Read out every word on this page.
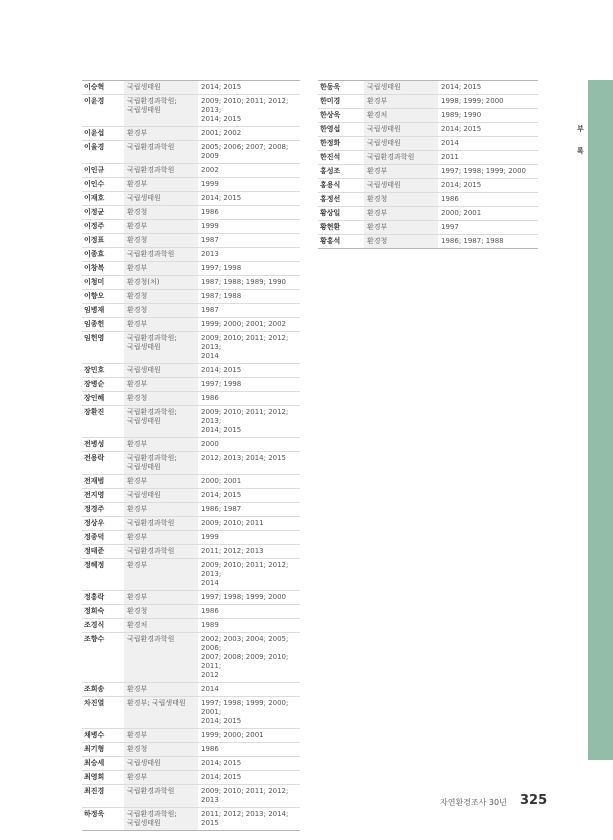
이승혁	국립생태원	2014; 2015
이윤경	국립환경과학원;
국립생태원	2009; 2010; 2011; 2012; 2013;
2014; 2015
이윤섭	환경부	2001; 2002
이율경	국립환경과학원	2005; 2006; 2007; 2008; 2009
이인규	국립환경과학원	2002
이인수	환경부	1999
이재호	국립생태원	2014; 2015
이정균	환경청	1986
이정주	환경부	1999
이정표	환경청	1987
이종효	국립환경과학원	2013
이창복	환경부	1997; 1998
이청미	환경청(처)	1987; 1988; 1989; 1990
이향오	환경청	1987; 1988
임병재	환경청	1987
임종헌	환경부	1999; 2000; 2001; 2002
임헌영	국립환경과학원;
국립생태원	2009; 2010; 2011; 2012; 2013;
2014
장민호	국립생태원	2014; 2015
장병순	환경부	1997; 1998
장인혜	환경청	1986
장환진	국립환경과학원;
국립생태원	2009; 2010; 2011; 2012; 2013;
2014; 2015
전병성	환경부	2000
전용락	국립환경과학원;
국립생태원	2012; 2013; 2014; 2015
전재범	환경부	2000; 2001
전지영	국립생태원	2014; 2015
정경주	환경부	1986; 1987
정상우	국립환경과학원	2009; 2010; 2011
정종덕	환경부	1999
정태준	국립환경과학원	2011; 2012; 2013
정헤정	환경부	2009; 2010; 2011; 2012; 2013;
2014
정흥락	환경부	1997; 1998; 1999; 2000
정희숙	환경청	1986
조경식	환경처	1989
조향수	국립환경과학원	2002; 2003; 2004; 2005; 2006;
2007; 2008; 2009; 2010; 2011;
2012
조희송	환경부	2014
차진열	환경부; 국립생태원	1997; 1998; 1999; 2000; 2001;
2014; 2015
채병수	환경부	1999; 2000; 2001
최기형	환경청	1986
최승세	국립생태원	2014; 2015
최영희	환경부	2014; 2015
최진경	국립환경과학원	2009; 2010; 2011; 2012; 2013
하정욱	국립환경과학원;
국립생태원	2011; 2012; 2013; 2014; 2015
한동욱	국립생태원	2014; 2015
한미경	환경부	1998; 1999; 2000
한상욱	환경처	1989; 1990
한영섭	국립생태원	2014; 2015
한정화	국립생태원	2014
한진석	국립환경과학원	2011
홍성조	환경부	1997; 1998; 1999; 2000
홍용식	국립생태원	2014; 2015
홍정선	환경청	1986
황상일	환경부	2000; 2001
황현환	환경부	1997
황홍석	환경청	1986; 1987; 1988
부
록
자연환경조사 30년 325
